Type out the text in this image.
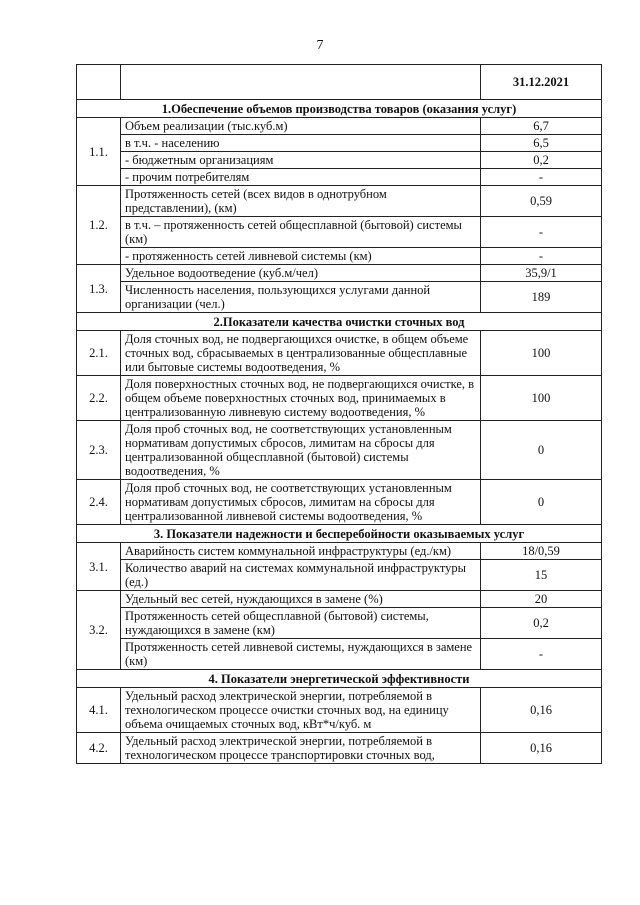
7
		31.12.2021
1.Обеспечение объемов производства товаров (оказания услуг)		
1.1.	Объем реализации (тыс.куб.м)	6,7
	в т.ч. - населению	6,5
	- бюджетным организациям	0,2
	- прочим потребителям	-
1.2.	Протяженность сетей (всех видов в однотрубном представлении), (км)	0,59
	в т.ч. – протяженность сетей общесплавной (бытовой) системы (км)	-
	- протяженность сетей ливневой системы (км)	-
1.3.	Удельное водоотведение (куб.м/чел)	35,9/1
	Численность населения, пользующихся услугами данной организации (чел.)	189
2.Показатели качества очистки сточных вод		
2.1.	Доля сточных вод, не подвергающихся очистке, в общем объеме сточных вод, сбрасываемых в централизованные общесплавные или бытовые системы водоотведения, %	100
2.2.	Доля поверхностных сточных вод, не подвергающихся очистке, в общем объеме поверхностных сточных вод, принимаемых в централизованную ливневую систему водоотведения, %	100
2.3.	Доля проб сточных вод, не соответствующих установленным нормативам допустимых сбросов, лимитам на сбросы для централизованной общесплавной (бытовой) системы водоотведения, %	0
2.4.	Доля проб сточных вод, не соответствующих установленным нормативам допустимых сбросов, лимитам на сбросы для централизованной ливневой системы водоотведения, %	0
3. Показатели надежности и бесперебойности оказываемых услуг		
3.1.	Аварийность систем коммунальной инфраструктуры (ед./км)	18/0,59
	Количество аварий на системах коммунальной инфраструктуры (ед.)	15
3.2.	Удельный вес сетей, нуждающихся в замене (%)	20
	Протяженность сетей общесплавной (бытовой) системы, нуждающихся в замене (км)	0,2
	Протяженность сетей ливневой системы, нуждающихся в замене (км)	-
4. Показатели энергетической эффективности		
4.1.	Удельный расход электрической энергии, потребляемой в технологическом процессе очистки сточных вод, на единицу объема очищаемых сточных вод, кВт*ч/куб. м	0,16
4.2.	Удельный расход электрической энергии, потребляемой в технологическом процессе транспортировки сточных вод,	0,16
